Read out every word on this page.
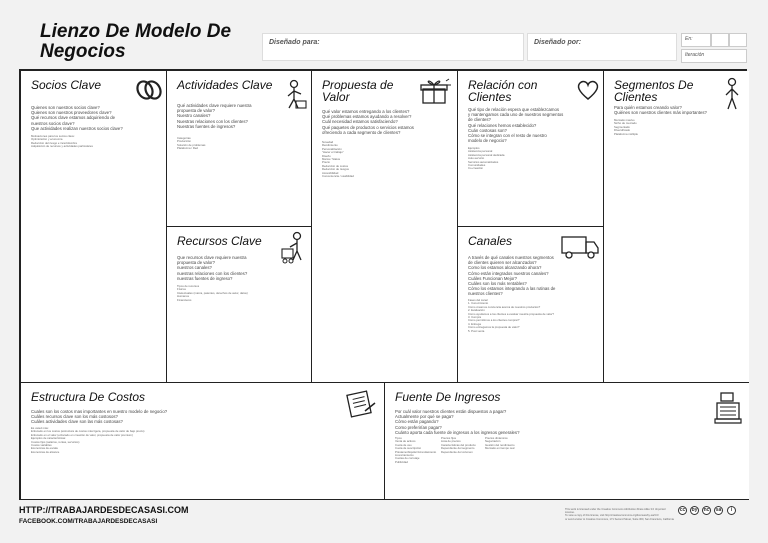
Lienzo De Modelo De
Negocios	Diseñado para:	Diseñado por:	En:
Iteración
Socios Clave
Quienes son nuestros socios clave?
Quienes son nuestros proveedores clave?
Qué recursos clave estamos adquiriendo de
nuestros socios clave?
Que actividades realizan nuestros socios clave?
Motivaciones para los socios clave:
Optimización y economía
Reducción del riesgo e incertidumbre
Adquisición de recursos y actividades particulares
Actividades Clave
Qué actividades clave requiere nuestra
propuesta de valor?
Nuestro canales?
Nuestras relaciones con los clientes?
Nuestras fuentes de ingresos?
Categorías
Producción
Solución de problemas
Plataforma / Red
Recursos Clave
Que recursos clave requiere nuestra
propuesta de valor?
nuestros canales?
nuestras relaciones con los clientes?
nuestras fuentes de ingreso?
Tipos de recursos
Físicos
Intelectuales (marca, patentes, derechos de autor, datos)
Humanos
Financieros
Propuesta de
Valor
Qué valor estamos entregando a los clientes?
Qué problemas estamos ayudando a resolver?
Cuál necesidad estamos satisfaciendo?
Qué paquetes de productos o servicios estamos
ofreciendo a cada segmento de clientes?
Novedad
Rendimiento
Personalización
"Hacer el trabajo"
Diseño
Marca / Status
Precio
Reducción de costos
Reducción de riesgos
Accesibilidad
Conveniencia / usabilidad
Relación con
Clientes
Qué tipo de relación espera que establezcamos
y mantengamos cada uno de nuestros segmentos
de clientes?
Qué relaciones hemos establecido?
Cuán costosas son?
Cómo se integran con el resto de nuestro
modelo de negocio?
Ejemplos
Asistencia personal
Asistencia personal dedicada
Auto-servicio
Servicios automatizados
Comunidades
Co-creación
Canales
A través de qué canales nuestros segmentos
de clientes quieren ser alcanzados?
Como los estamos alcanzando ahora?
Cómo están integrados nuestros canales?
Cuáles Funcionan Mejor?
Cuáles son los más rentables?
Cómo los estamos integrando a las rutinas de
nuestros clientes?
Fases del canal
1. Conocimiento
Cómo creamos conciencia acerca de nuestros productos?
2. Evaluación
Cómo ayudamos a los clientes a evaluar nuestra propuesta de valor?
3. Compra
Cómo permitimos a los clientes comprar?
4. Entrega
Cómo entregamos la propuesta de valor?
5. Post venta
Segmentos De
Clientes
Para quién estamos creando valor?
Quiénes son nuestros clientes más importantes?
Mercado masivo
Nicho de mercado
Segmentado
Diversificado
Plataforma múltiple
Estructura De Costos
Cuales son los costos mas importantes en nuestro modelo de negocio?
Cuáles recursos clave son los más costosos?
Cuáles actividades clave son las más costosas?
Es usted más:
Enfocado en los costos (estructura de costos más ligera, propuesta de valor de bajo precio)
Enfocado en el valor (enfocado en creación de valor, propuesta de valor premium)
Ejemplos de características:
Costos fijos (salarios, rentas, servicios)
Costos variables
Economías de escala
Economías de alcance
Fuente De Ingresos
Por cuál valor nuestros clientes están dispuestos a pagar?
Actualmente por qué se paga?
Cómo están pagando?
Como preferirían pagar?
Cuánto aporta cada fuente de ingresos a los ingresos generales?
Tipos
Venta de activos
Cuota de uso
Cuota de suscripción
Préstamo/Alquiler/Arrendamiento
Licenciamiento
Cuotas de corretaje
Publicidad
Precios fijos
Lista de precios
Características del producto
Dependiente del segmento
Dependiente del volumen
Precios dinámicos
Negociación
Gestión del rendimiento
Mercado en tiempo real
HTTP://TRABAJARDESDECASASI.COM
FACEBOOK.COM/TRABAJARDESDECASASI
This work is licensed under the Creative Commons Attribution-Share Alike 3.0 Unported License.
To view a copy of this license, visit http://creativecommons.org/licenses/by-sa/3.0/
or send a letter to Creative Commons, 171 Second Street, Suite 300, San Francisco, California
cc	by	nc	sa	i
